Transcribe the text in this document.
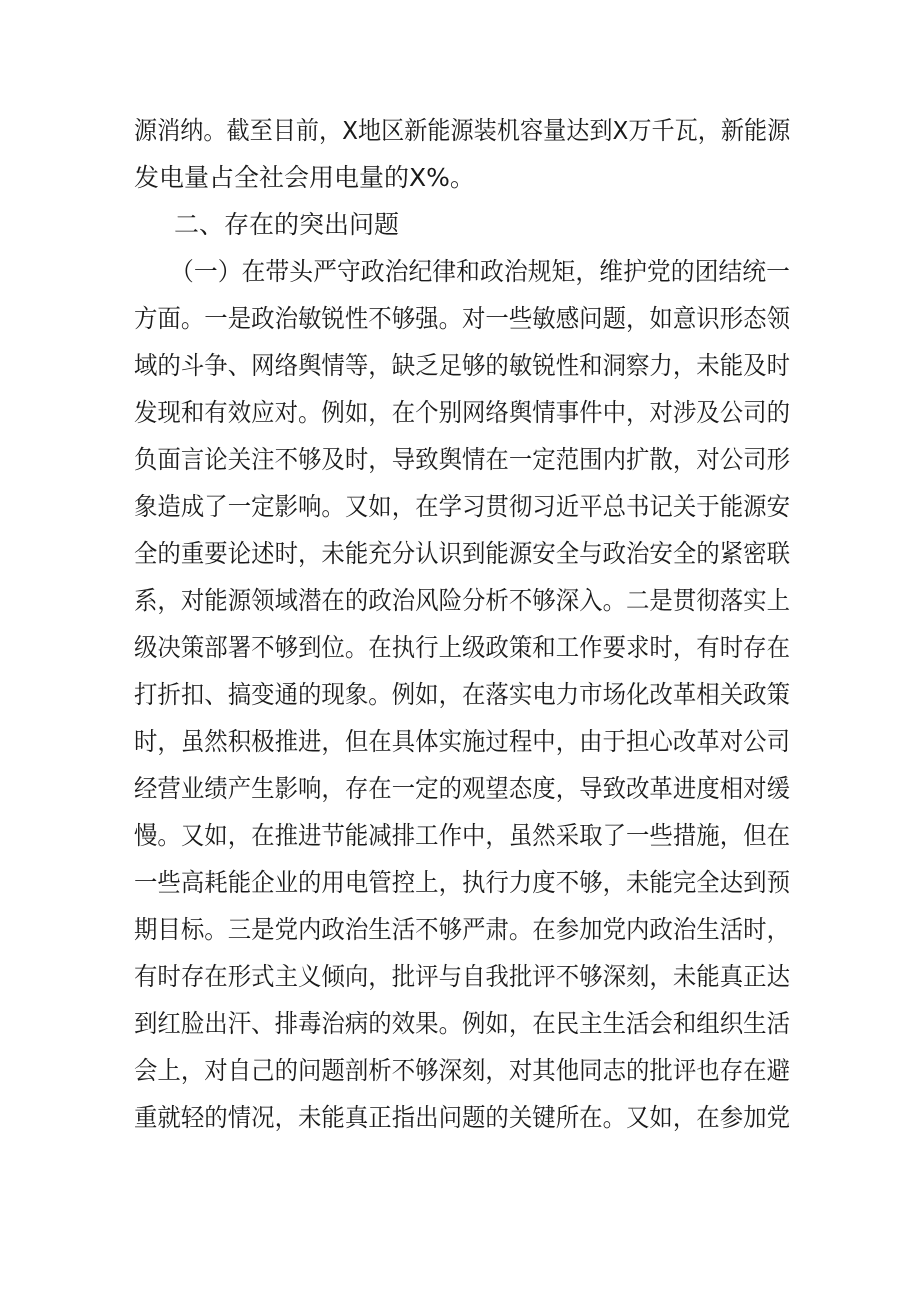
源消纳。截至目前，X地区新能源装机容量达到X万千瓦，新能源
发电量占全社会用电量的X%。
二、存在的突出问题
（一）在带头严守政治纪律和政治规矩，维护党的团结统一
方面。一是政治敏锐性不够强。对一些敏感问题，如意识形态领
域的斗争、网络舆情等，缺乏足够的敏锐性和洞察力，未能及时
发现和有效应对。例如，在个别网络舆情事件中，对涉及公司的
负面言论关注不够及时，导致舆情在一定范围内扩散，对公司形
象造成了一定影响。又如，在学习贯彻习近平总书记关于能源安
全的重要论述时，未能充分认识到能源安全与政治安全的紧密联
系，对能源领域潜在的政治风险分析不够深入。二是贯彻落实上
级决策部署不够到位。在执行上级政策和工作要求时，有时存在
打折扣、搞变通的现象。例如，在落实电力市场化改革相关政策
时，虽然积极推进，但在具体实施过程中，由于担心改革对公司
经营业绩产生影响，存在一定的观望态度，导致改革进度相对缓
慢。又如，在推进节能减排工作中，虽然采取了一些措施，但在
一些高耗能企业的用电管控上，执行力度不够，未能完全达到预
期目标。三是党内政治生活不够严肃。在参加党内政治生活时，
有时存在形式主义倾向，批评与自我批评不够深刻，未能真正达
到红脸出汗、排毒治病的效果。例如，在民主生活会和组织生活
会上，对自己的问题剖析不够深刻，对其他同志的批评也存在避
重就轻的情况，未能真正指出问题的关键所在。又如，在参加党
